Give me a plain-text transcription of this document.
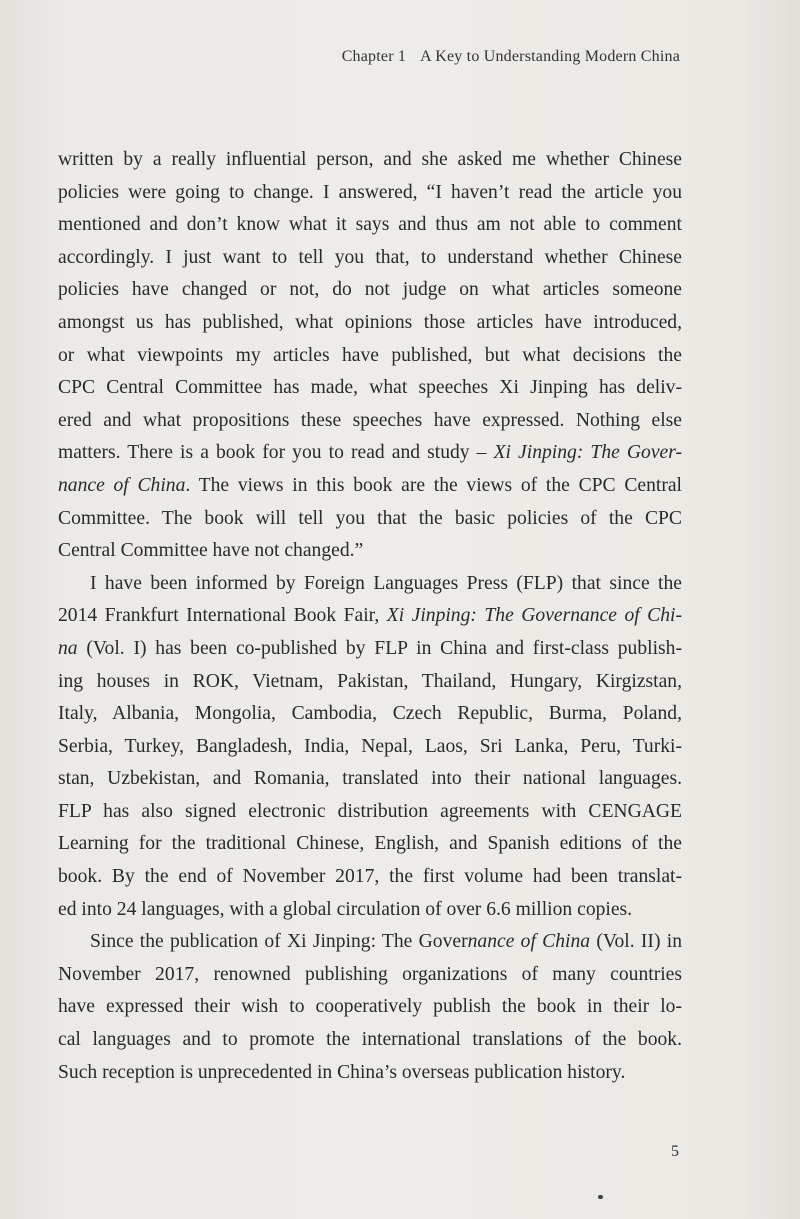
Chapter 1 A Key to Understanding Modern China
written by a really influential person, and she asked me whether Chinese
policies were going to change. I answered, “I haven’t read the article you
mentioned and don’t know what it says and thus am not able to comment
accordingly. I just want to tell you that, to understand whether Chinese
policies have changed or not, do not judge on what articles someone
amongst us has published, what opinions those articles have introduced,
or what viewpoints my articles have published, but what decisions the
CPC Central Committee has made, what speeches Xi Jinping has deliv-
ered and what propositions these speeches have expressed. Nothing else
matters. There is a book for you to read and study – Xi Jinping: The Gover-
nance of China. The views in this book are the views of the CPC Central
Committee. The book will tell you that the basic policies of the CPC
Central Committee have not changed.”
I have been informed by Foreign Languages Press (FLP) that since the
2014 Frankfurt International Book Fair, Xi Jinping: The Governance of Chi-
na (Vol. I) has been co-published by FLP in China and first-class publish-
ing houses in ROK, Vietnam, Pakistan, Thailand, Hungary, Kirgizstan,
Italy, Albania, Mongolia, Cambodia, Czech Republic, Burma, Poland,
Serbia, Turkey, Bangladesh, India, Nepal, Laos, Sri Lanka, Peru, Turki-
stan, Uzbekistan, and Romania, translated into their national languages.
FLP has also signed electronic distribution agreements with CENGAGE
Learning for the traditional Chinese, English, and Spanish editions of the
book. By the end of November 2017, the first volume had been translat-
ed into 24 languages, with a global circulation of over 6.6 million copies.
Since the publication of Xi Jinping: The Governance of China (Vol. II) in
November 2017, renowned publishing organizations of many countries
have expressed their wish to cooperatively publish the book in their lo-
cal languages and to promote the international translations of the book.
Such reception is unprecedented in China’s overseas publication history.
5
